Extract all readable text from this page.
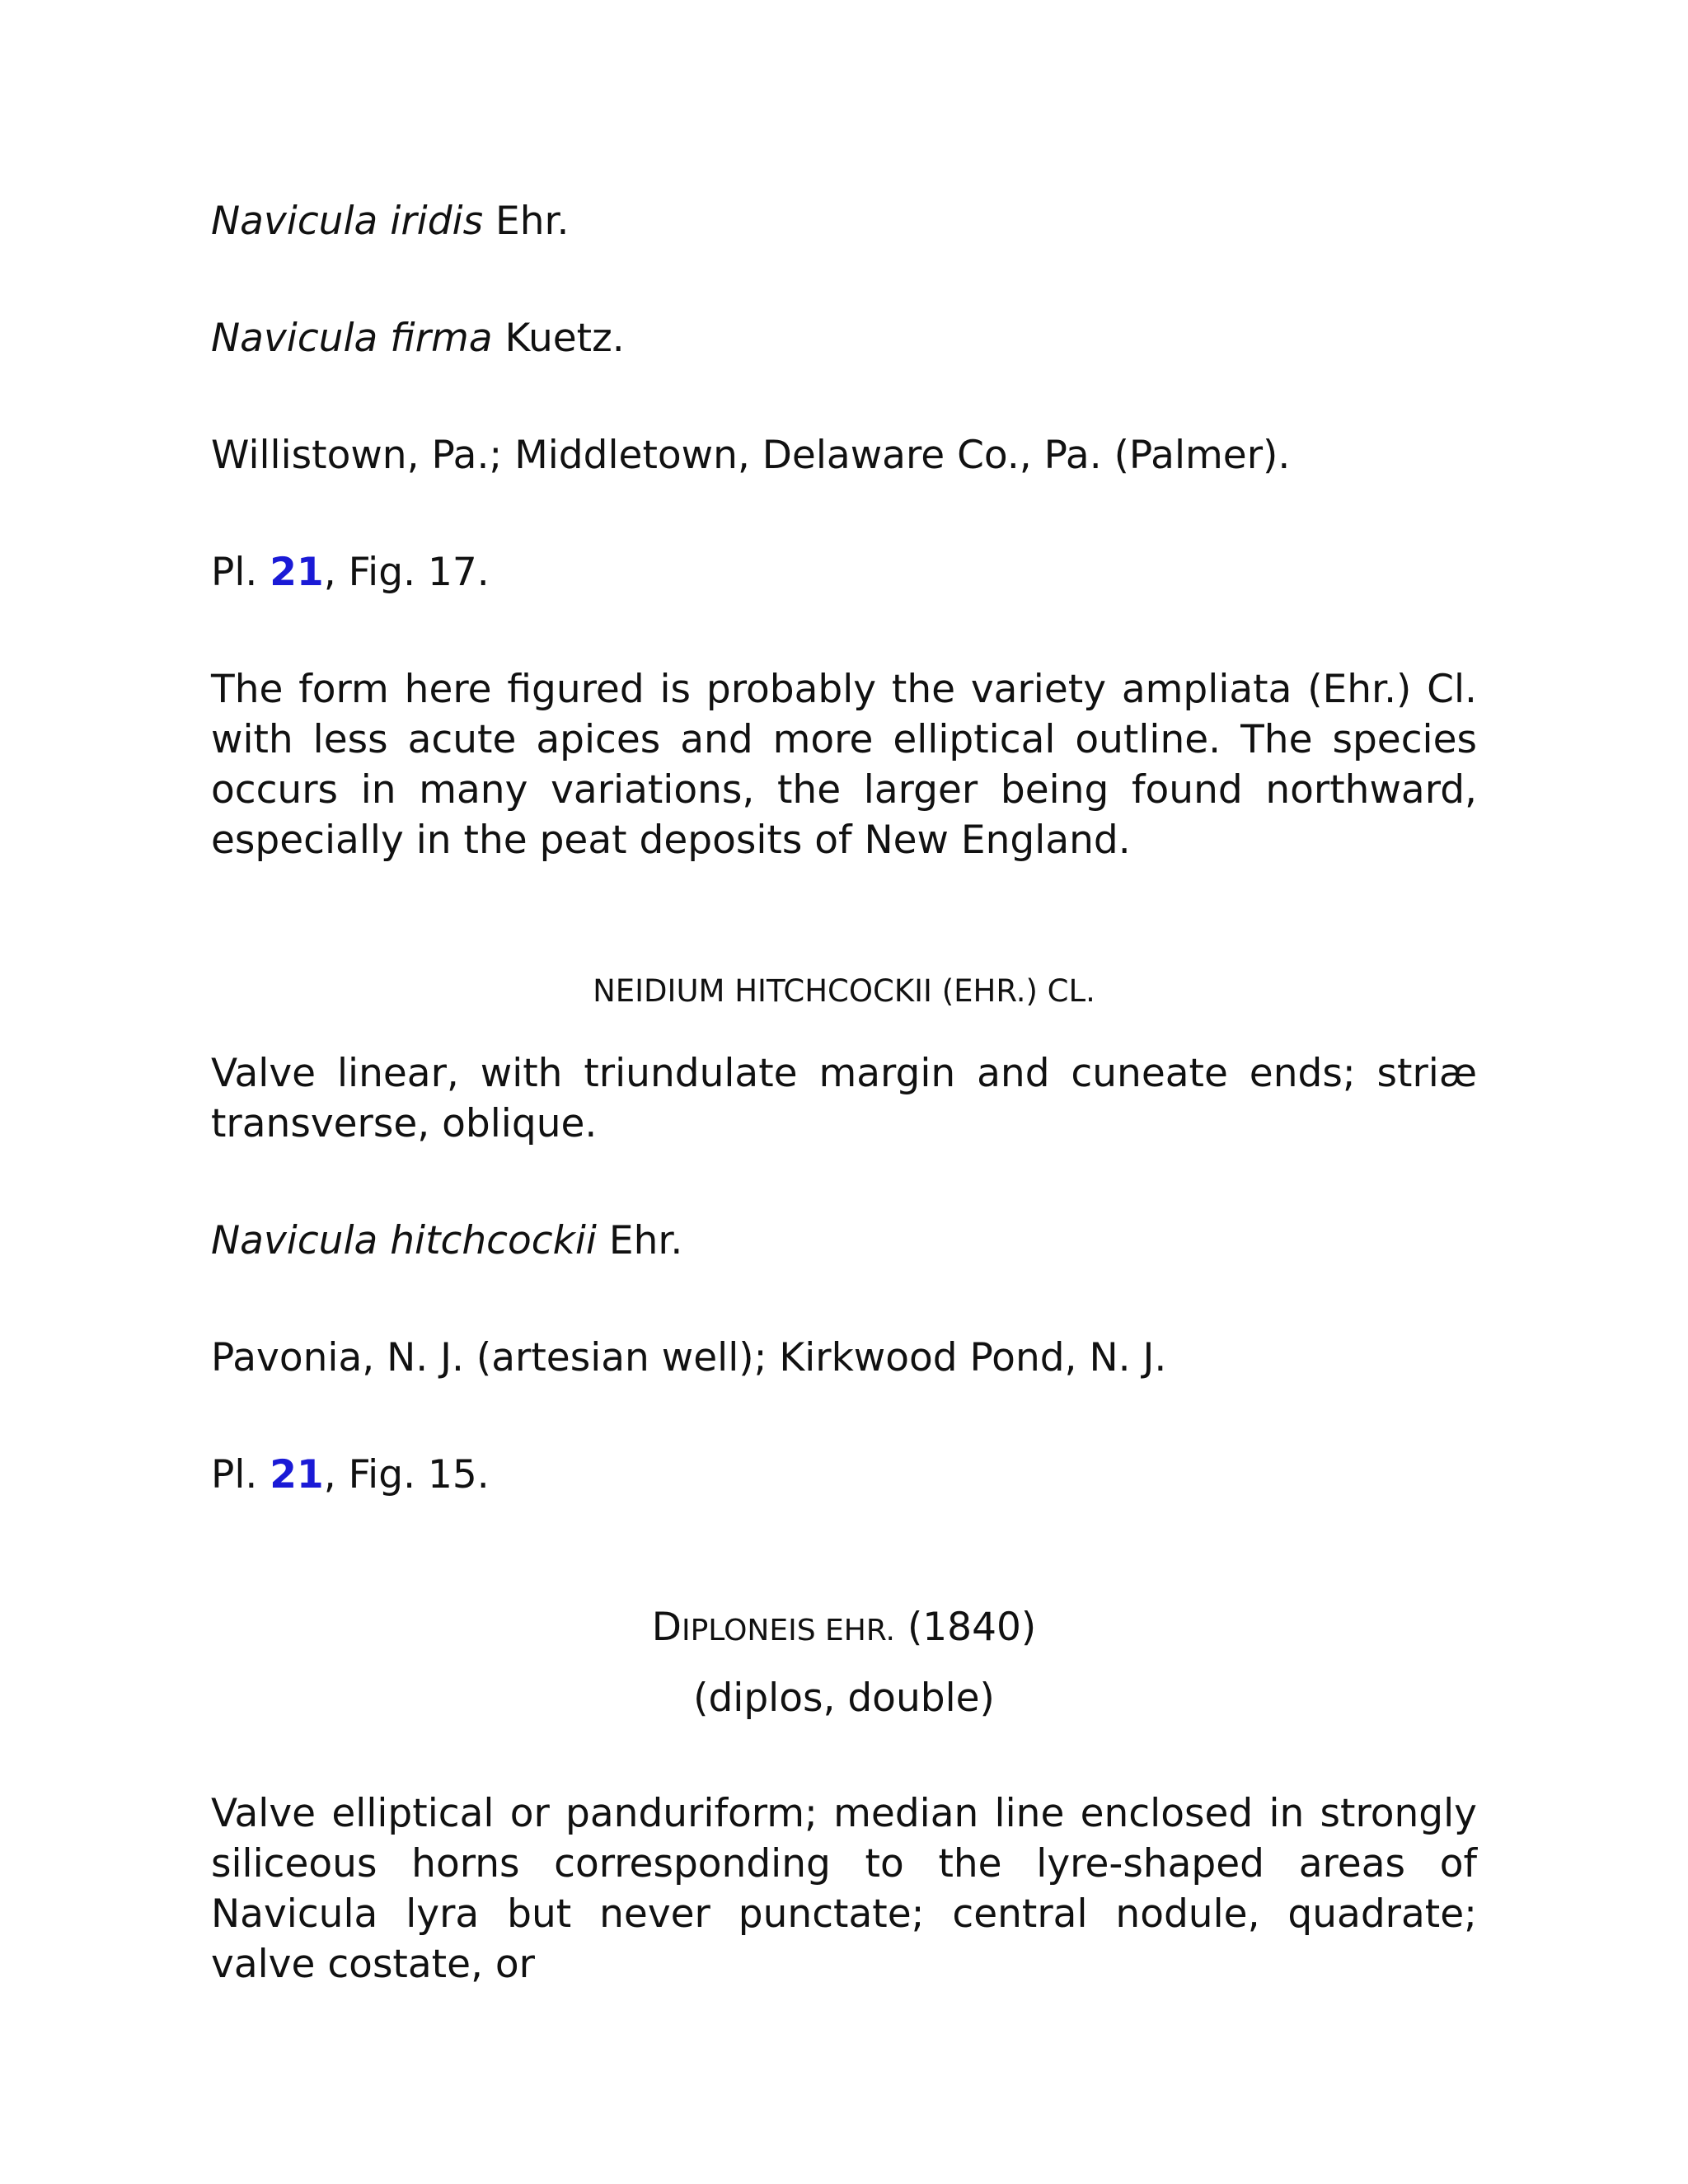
Navicula iridis Ehr.

Navicula firma Kuetz.

Willistown, Pa.; Middletown, Delaware Co., Pa. (Palmer).

Pl. 21, Fig. 17.

The form here figured is probably the variety ampliata (Ehr.) Cl. with less acute apices and more elliptical outline. The species occurs in many variations, the larger being found northward, especially in the peat deposits of New England.

NEIDIUM HITCHCOCKII (EHR.) CL.

Valve linear, with triundulate margin and cuneate ends; striæ transverse, oblique.

Navicula hitchcockii Ehr.

Pavonia, N. J. (artesian well); Kirkwood Pond, N. J.

Pl. 21, Fig. 15.

DIPLONEIS EHR. (1840)

(diplos, double)

Valve elliptical or panduriform; median line enclosed in strongly siliceous horns corresponding to the lyre-shaped areas of Navicula lyra but never punctate; central nodule, quadrate; valve costate, or
